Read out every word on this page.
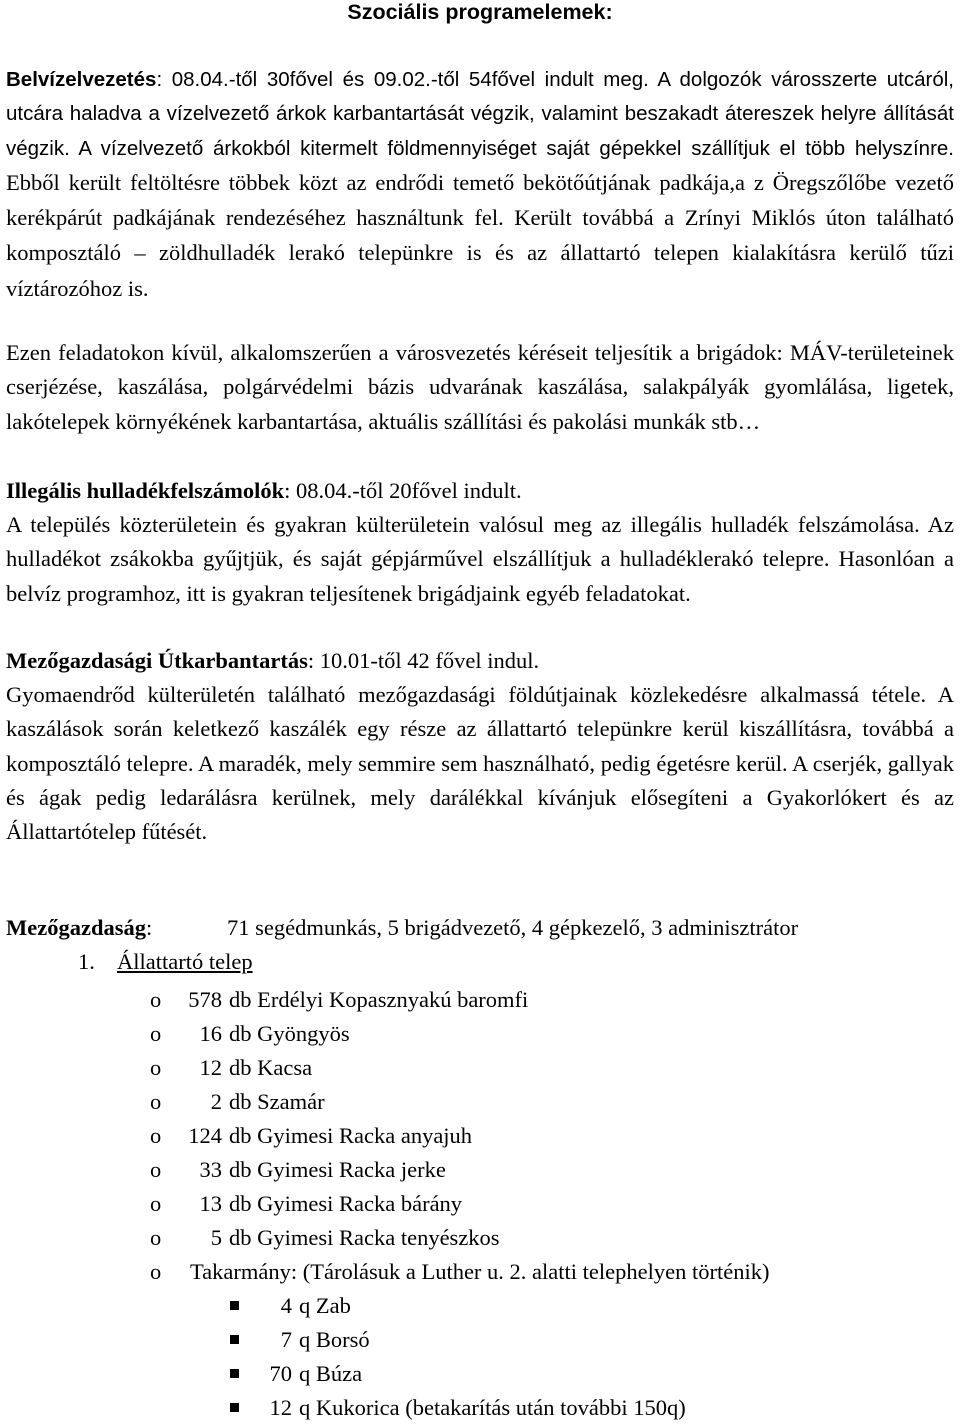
Szociális programelemek:

Belvízelvezetés: 08.04.-től 30fővel és 09.02.-től 54fővel indult meg. A dolgozók városszerte utcáról, utcára haladva a vízelvezető árkok karbantartását végzik, valamint beszakadt átereszek helyre állítását végzik. A vízelvezető árkokból kitermelt földmennyiséget saját gépekkel szállítjuk el több helyszínre. Ebből került feltöltésre többek közt az endrődi temető bekötőútjának padkája,a z Öregszőlőbe vezető kerékpárút padkájának rendezéséhez használtunk fel. Került továbbá a Zrínyi Miklós úton található komposztáló – zöldhulladék lerakó telepünkre is és az állattartó telepen kialakításra kerülő tűzi víztározóhoz is.

Ezen feladatokon kívül, alkalomszerűen a városvezetés kéréseit teljesítik a brigádok: MÁV-területeinek cserjézése, kaszálása, polgárvédelmi bázis udvarának kaszálása, salakpályák gyomlálása, ligetek, lakótelepek környékének karbantartása, aktuális szállítási és pakolási munkák stb…

Illegális hulladékfelszámolók: 08.04.-től 20fővel indult.

A település közterületein és gyakran külterületein valósul meg az illegális hulladék felszámolása. Az hulladékot zsákokba gyűjtjük, és saját gépjárművel elszállítjuk a hulladéklerakó telepre. Hasonlóan a belvíz programhoz, itt is gyakran teljesítenek brigádjaink egyéb feladatokat.

Mezőgazdasági Útkarbantartás: 10.01-től 42 fővel indul.

Gyomaendrőd külterületén található mezőgazdasági földútjainak közlekedésre alkalmassá tétele. A kaszálások során keletkező kaszálék egy része az állattartó telepünkre kerül kiszállításra, továbbá a komposztáló telepre. A maradék, mely semmire sem használható, pedig égetésre kerül. A cserjék, gallyak és ágak pedig ledarálásra kerülnek, mely darálékkal kívánjuk elősegíteni a Gyakorlókert és az Állattartótelep fűtését.

Mezőgazdaság:	71 segédmunkás, 5 brigádvezető, 4 gépkezelő, 3 adminisztrátor
1. Állattartó telep
o 578 db Erdélyi Kopasznyakú baromfi
o	16 db Gyöngyös
o	12 db Kacsa
o	2 db Szamár
o 124 db Gyimesi Racka anyajuh
o	33 db Gyimesi Racka jerke
o	13 db Gyimesi Racka bárány
o	5 db Gyimesi Racka tenyészkos
o Takarmány: (Tárolásuk a Luther u. 2. alatti telephelyen történik)
4 q Zab
7 q Borsó
70 q Búza
12 q Kukorica (betakarítás után további 150q)
